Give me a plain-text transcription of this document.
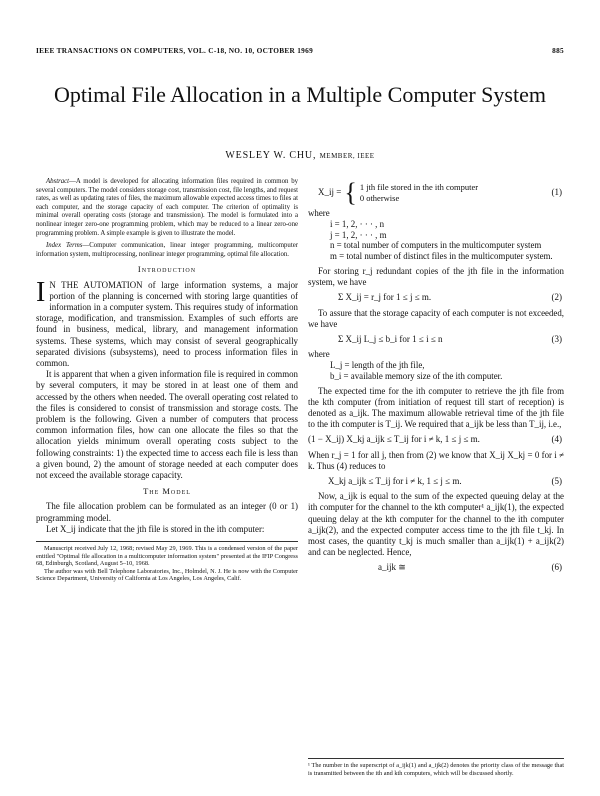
IEEE TRANSACTIONS ON COMPUTERS, VOL. C-18, NO. 10, OCTOBER 1969	885
Optimal File Allocation in a Multiple Computer System
WESLEY W. CHU, MEMBER, IEEE

Abstract—A model is developed for allocating information files required in common by several computers. The model considers storage cost, transmission cost, file lengths, and request rates, as well as updating rates of files, the maximum allowable expected access times to files at each computer, and the storage capacity of each computer. The criterion of optimality is minimal overall operating costs (storage and transmission). The model is formulated into a nonlinear integer zero-one programming problem, which may be reduced to a linear zero-one programming problem. A simple example is given to illustrate the model.

Index Terms—Computer communication, linear integer programming, multicomputer information system, multiprocessing, nonlinear integer programming, optimal file allocation.

Introduction

I N THE AUTOMATION of large information systems, a major portion of the planning is concerned with storing large quantities of information in a computer system. This requires study of information storage, modification, and transmission. Examples of such efforts are found in business, medical, library, and management information systems. These systems, which may consist of several geographically separated divisions (subsystems), need to process information files in common.

It is apparent that when a given information file is required in common by several computers, it may be stored in at least one of them and accessed by the others when needed. The overall operating cost related to the files is considered to consist of transmission and storage costs. The problem is the following. Given a number of computers that process common information files, how can one allocate the files so that the allocation yields minimum overall operating costs subject to the following constraints: 1) the expected time to access each file is less than a given bound, 2) the amount of storage needed at each computer does not exceed the available storage capacity.

The Model

The file allocation problem can be formulated as an integer (0 or 1) programming model.

Let X_ij indicate that the jth file is stored in the ith computer:

Manuscript received July 12, 1968; revised May 29, 1969. This is a condensed version of the paper entitled "Optimal file allocation in a multicomputer information system" presented at the IFIP Congress 68, Edinburgh, Scotland, August 5–10, 1968.

The author was with Bell Telephone Laboratories, Inc., Holmdel, N. J. He is now with the Computer Science Department, University of California at Los Angeles, Los Angeles, Calif.

X_ij = { 1 jth file stored in the ith computer
0 otherwise
(1)
where
i = 1, 2, · · · , n
j = 1, 2, · · · , m
n = total number of computers in the multicomputer system
m = total number of distinct files in the multicomputer system.

For storing r_j redundant copies of the jth file in the information system, we have

Σ X_ij = r_j for 1 ≤ j ≤ m.	(2)

To assure that the storage capacity of each computer is not exceeded, we have

Σ X_ij L_j ≤ b_i for 1 ≤ i ≤ n	(3)
where
L_j = length of the jth file,
b_i = available memory size of the ith computer.

The expected time for the ith computer to retrieve the jth file from the kth computer (from initiation of request till start of reception) is denoted as a_ijk. The maximum allowable retrieval time of the jth file to the ith computer is T_ij. We required that a_ijk be less than T_ij, i.e.,

(1 − X_ij) X_kj a_ijk ≤ T_ij for i ≠ k, 1 ≤ j ≤ m.	(4)

When r_j = 1 for all j, then from (2) we know that X_ij X_kj = 0 for i ≠ k. Thus (4) reduces to

X_kj a_ijk ≤ T_ij for i ≠ k, 1 ≤ j ≤ m.	(5)

Now, a_ijk is equal to the sum of the expected queuing delay at the ith computer for the channel to the kth computer¹ a_ijk(1), the expected queuing delay at the kth computer for the channel to the ith computer a_ijk(2), and the expected computer access time to the jth file t_kj. In most cases, the quantity t_kj is much smaller than a_ijk(1) + a_ijk(2) and can be neglected. Hence,

a_ijk ≅	(6)
¹ The number in the superscript of a_ijk(1) and a_ijk(2) denotes the priority class of the message that is transmitted between the ith and kth computers, which will be discussed shortly.
